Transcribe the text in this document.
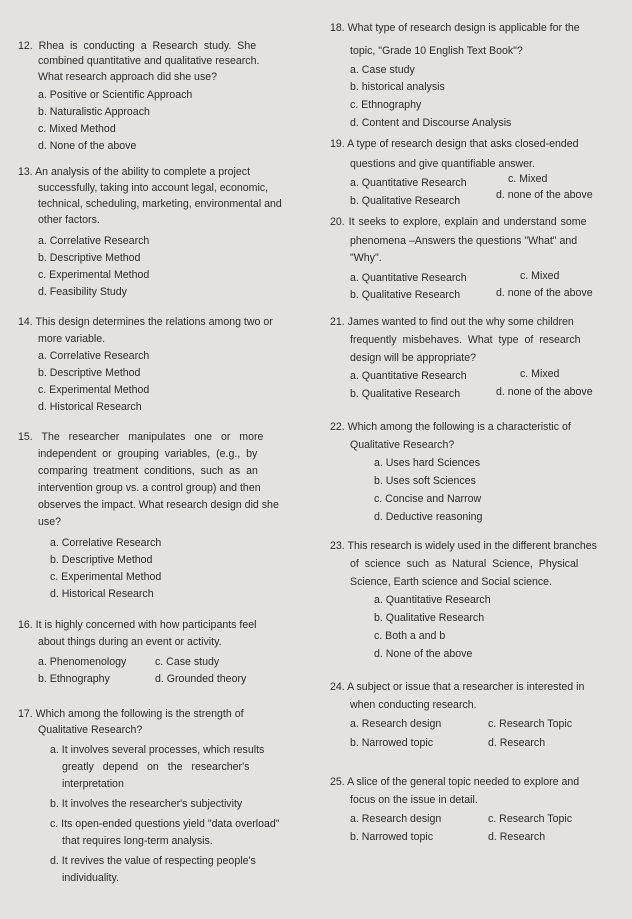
12. Rhea is conducting a Research study. She
combined quantitative and qualitative research.
What research approach did she use?
a. Positive or Scientific Approach
b. Naturalistic Approach
c. Mixed Method
d. None of the above
13. An analysis of the ability to complete a project
successfully, taking into account legal, economic,
technical, scheduling, marketing, environmental and
other factors.
a. Correlative Research
b. Descriptive Method
c. Experimental Method
d. Feasibility Study
14. This design determines the relations among two or
more variable.
a. Correlative Research
b. Descriptive Method
c. Experimental Method
d. Historical Research
15. The researcher manipulates one or more
independent or grouping variables, (e.g., by
comparing treatment conditions, such as an
intervention group vs. a control group) and then
observes the impact. What research design did she
use?
a. Correlative Research
b. Descriptive Method
c. Experimental Method
d. Historical Research
16. It is highly concerned with how participants feel
about things during an event or activity.
a. Phenomenology	c. Case study
b. Ethnography	d. Grounded theory
17. Which among the following is the strength of
Qualitative Research?
a. It involves several processes, which results
greatly depend on the researcher's
interpretation
b. It involves the researcher's subjectivity
c. Its open-ended questions yield "data overload"
that requires long-term analysis.
d. It revives the value of respecting people's
individuality.
18. What type of research design is applicable for the
topic, "Grade 10 English Text Book"?
a. Case study
b. historical analysis
c. Ethnography
d. Content and Discourse Analysis
19. A type of research design that asks closed-ended
questions and give quantifiable answer.
a. Quantitative Research	c. Mixed
b. Qualitative Research	d. none of the above
20. It seeks to explore, explain and understand some
phenomena –Answers the questions "What" and
"Why".
a. Quantitative Research	c. Mixed
b. Qualitative Research	d. none of the above
21. James wanted to find out the why some children
frequently misbehaves. What type of research
design will be appropriate?
a. Quantitative Research	c. Mixed
b. Qualitative Research	d. none of the above
22. Which among the following is a characteristic of
Qualitative Research?
a. Uses hard Sciences
b. Uses soft Sciences
c. Concise and Narrow
d. Deductive reasoning
23. This research is widely used in the different branches
of science such as Natural Science, Physical
Science, Earth science and Social science.
a. Quantitative Research
b. Qualitative Research
c. Both a and b
d. None of the above
24. A subject or issue that a researcher is interested in
when conducting research.
a. Research design	c. Research Topic
b. Narrowed topic	d. Research
25. A slice of the general topic needed to explore and
focus on the issue in detail.
a. Research design	c. Research Topic
b. Narrowed topic	d. Research
